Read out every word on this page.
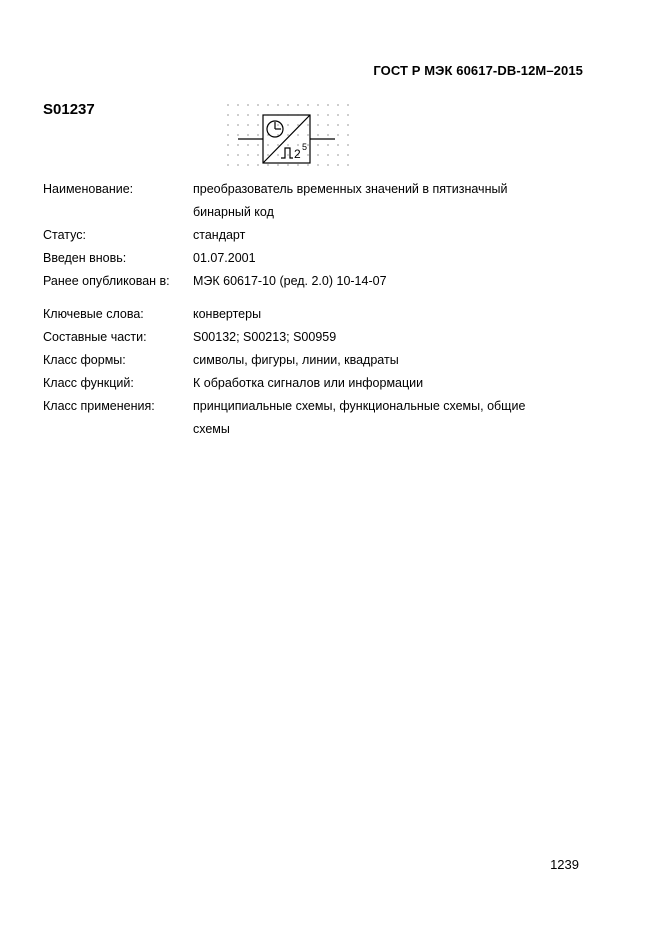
ГОСТ Р МЭК 60617-DB-12M–2015
S01237
2 5
Наименование:	преобразователь временных значений в пятизначный бинарный код
Статус:	стандарт
Введен вновь:	01.07.2001
Ранее опубликован в:	МЭК 60617-10 (ред. 2.0) 10-14-07
Ключевые слова:	конвертеры
Составные части:	S00132; S00213; S00959
Класс формы:	символы, фигуры, линии, квадраты
Класс функций:	К обработка сигналов или информации
Класс применения:	принципиальные схемы, функциональные схемы, общие схемы
1239
